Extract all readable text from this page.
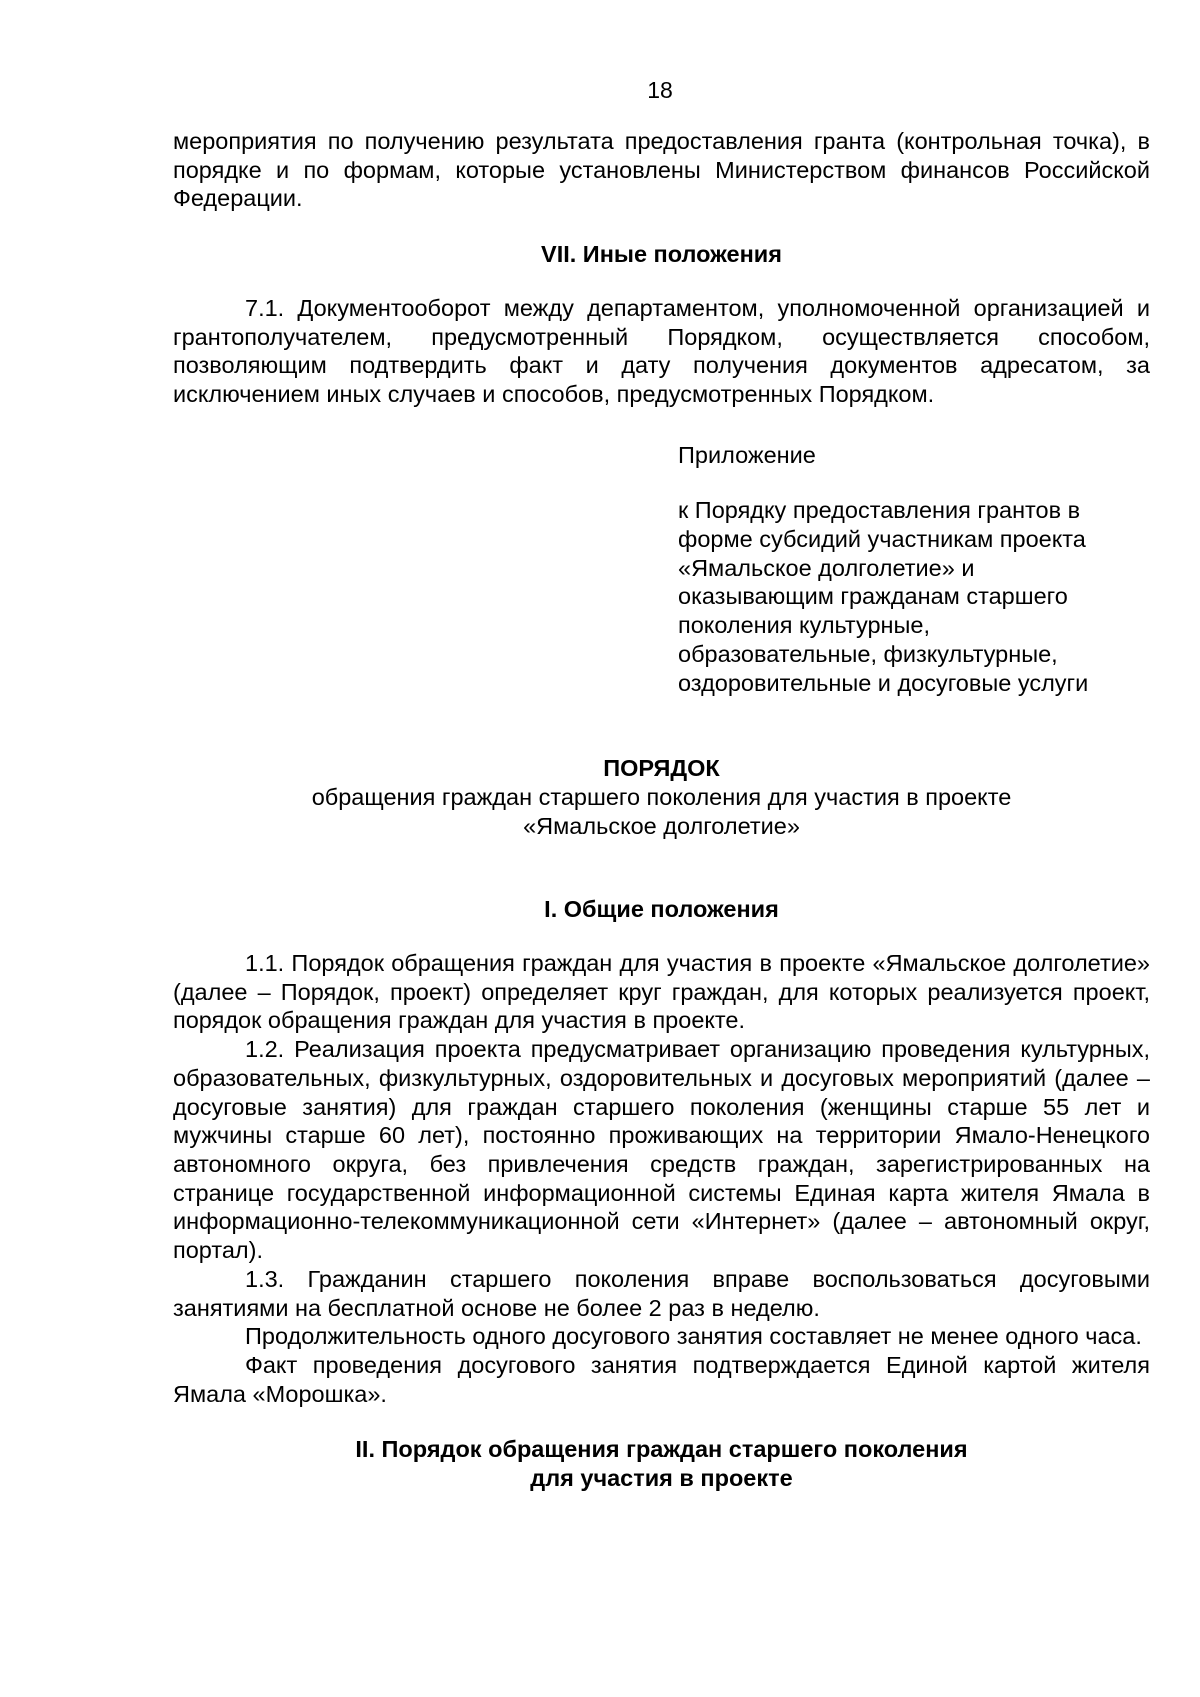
18

мероприятия по получению результата предоставления гранта (контрольная точка), в порядке и по формам, которые установлены Министерством финансов Российской Федерации.

VII. Иные положения

7.1. Документооборот между департаментом, уполномоченной организацией и грантополучателем, предусмотренный Порядком, осуществляется способом, позволяющим подтвердить факт и дату получения документов адресатом, за исключением иных случаев и способов, предусмотренных Порядком.

Приложение

к Порядку предоставления грантов в

форме субсидий участникам проекта

«Ямальское долголетие» и

оказывающим гражданам старшего

поколения культурные,

образовательные, физкультурные,

оздоровительные и досуговые услуги

ПОРЯДОК

обращения граждан старшего поколения для участия в проекте

«Ямальское долголетие»

I. Общие положения

1.1. Порядок обращения граждан для участия в проекте «Ямальское долголетие» (далее – Порядок, проект) определяет круг граждан, для которых реализуется проект, порядок обращения граждан для участия в проекте.

1.2. Реализация проекта предусматривает организацию проведения культурных, образовательных, физкультурных, оздоровительных и досуговых мероприятий (далее – досуговые занятия) для граждан старшего поколения (женщины старше 55 лет и мужчины старше 60 лет), постоянно проживающих на территории Ямало-Ненецкого автономного округа, без привлечения средств граждан, зарегистрированных на странице государственной информационной системы Единая карта жителя Ямала в информационно-телекоммуникационной сети «Интернет» (далее – автономный округ, портал).

1.3. Гражданин старшего поколения вправе воспользоваться досуговыми занятиями на бесплатной основе не более 2 раз в неделю.

Продолжительность одного досугового занятия составляет не менее одного часа.

Факт проведения досугового занятия подтверждается Единой картой жителя Ямала «Морошка».

II. Порядок обращения граждан старшего поколения

для участия в проекте
